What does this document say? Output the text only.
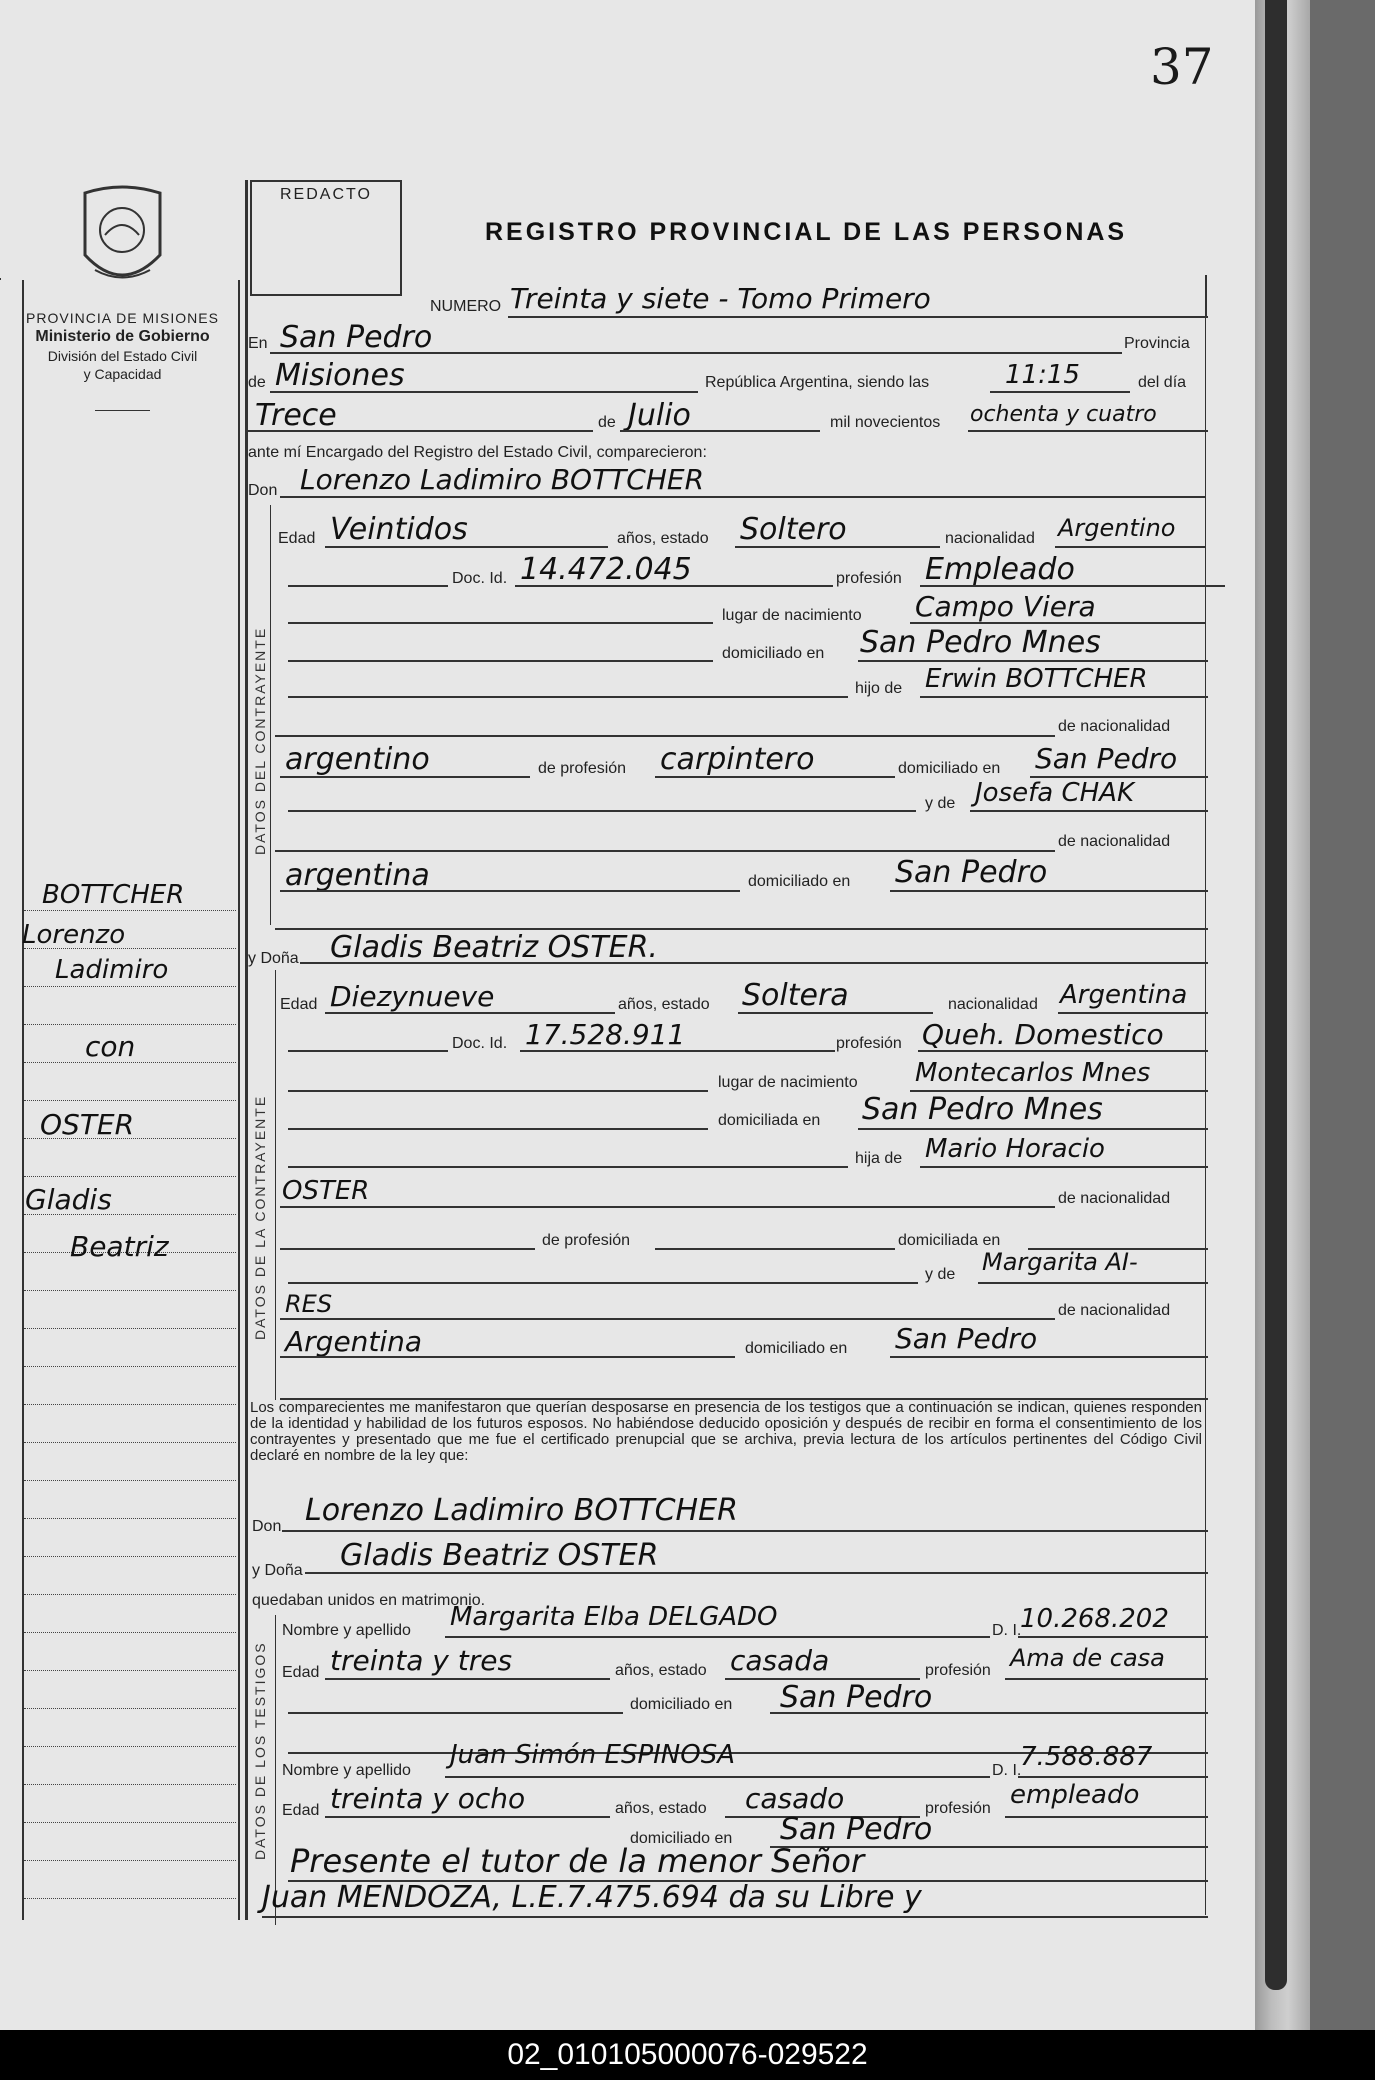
37
PROVINCIA DE MISIONES
Ministerio de Gobierno
División del Estado Civil
y Capacidad
BOTTCHER
Lorenzo
Ladimiro
con
OSTER
Gladis
Beatriz
REDACTO
REGISTRO PROVINCIAL DE LAS PERSONAS
NUMERO Treinta y siete - Tomo Primero
En San Pedro	Provincia
de Misiones	República Argentina, siendo las	11:15	del día
Trece	de Julio	mil novecientos ochenta y cuatro
ante mí Encargado del Registro del Estado Civil, comparecieron:
Don Lorenzo Ladimiro BOTTCHER
DATOS DEL CONTRAYENTE
Edad Veintidos	años, estado Soltero	nacionalidad Argentino
Doc. Id. 14.472.045	profesión Empleado
lugar de nacimiento Campo Viera
domiciliado en San Pedro Mnes
hijo de Erwin BOTTCHER
de nacionalidad
argentino	de profesión carpintero	domiciliado en San Pedro
y de Josefa CHAK
de nacionalidad
argentina	domiciliado en San Pedro
y Doña Gladis Beatriz OSTER.
DATOS DE LA CONTRAYENTE
Edad Diezynueve	años, estado Soltera	nacionalidad Argentina
Doc. Id. 17.528.911	profesión Queh. Domestico
lugar de nacimiento Montecarlos Mnes
domiciliada en San Pedro Mnes
hija de Mario Horacio
OSTER	de nacionalidad
de profesión	domiciliada en
y de Margarita AI-
RES	de nacionalidad
Argentina	domiciliado en San Pedro
Los comparecientes me manifestaron que querían desposarse en presencia de los testigos que a continuación se indican, quienes responden de la identidad y habilidad de los futuros esposos. No habiéndose deducido oposición y después de recibir en forma el consentimiento de los contrayentes y presentado que me fue el certificado prenupcial que se archiva, previa lectura de los artículos pertinentes del Código Civil declaré en nombre de la ley que:
Don Lorenzo Ladimiro BOTTCHER
y Doña Gladis Beatriz OSTER
quedaban unidos en matrimonio.
DATOS DE LOS TESTIGOS
Nombre y apellido Margarita Elba DELGADO	D. I.
10.268.202
Edad treinta y tres	años, estado casada	profesión Ama de casa
domiciliado en San Pedro
Nombre y apellido
Juan Simón ESPINOSA
D. I.
7.588.887
Edad treinta y ocho	años, estado casado	profesión empleado
domiciliado en San Pedro
Presente el tutor de la menor Señor
Juan MENDOZA, L.E.7.475.694 da su Libre y
02_010105000076-029522
